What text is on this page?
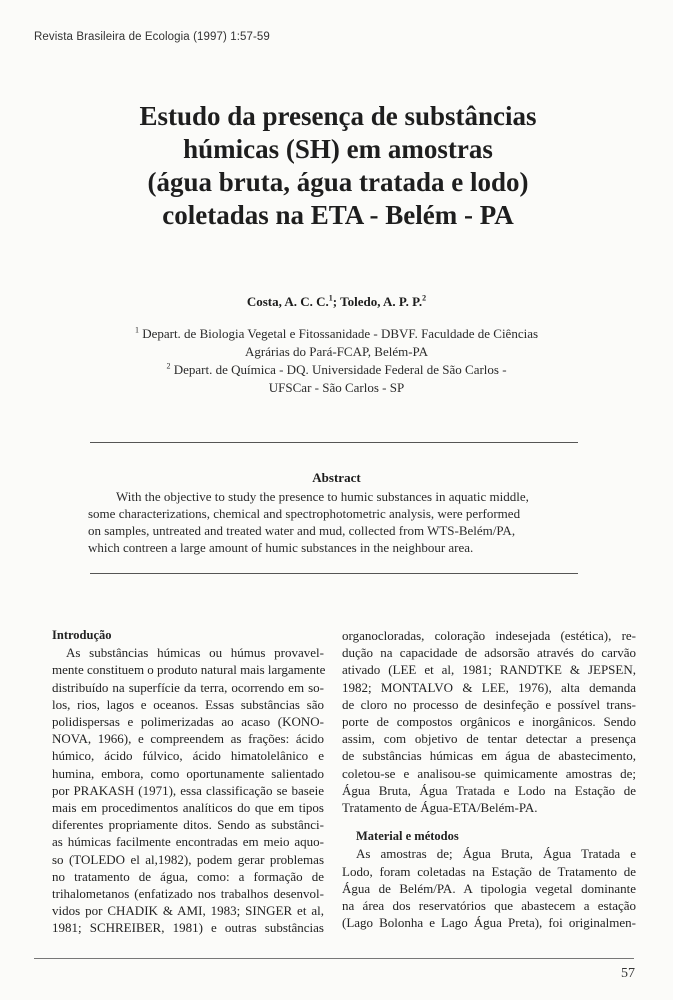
Revista Brasileira de Ecologia (1997) 1:57-59
Estudo da presença de substâncias
húmicas (SH) em amostras
(água bruta, água tratada e lodo)
coletadas na ETA - Belém - PA
Costa, A. C. C.$^1$; Toledo, A. P. P.$^2$
$^1$ Depart. de Biologia Vegetal e Fitossanidade - DBVF. Faculdade de Ciências
Agrárias do Pará-FCAP, Belém-PA
$^2$ Depart. de Química - DQ. Universidade Federal de São Carlos -
UFSCar - São Carlos - SP
Abstract
With the objective to study the presence to humic substances in aquatic middle,
some characterizations, chemical and spectrophotometric analysis, were performed
on samples, untreated and treated water and mud, collected from WTS-Belém/PA,
which contreen a large amount of humic substances in the neighbour area.
Introdução
As substâncias húmicas ou húmus provavel-
mente constituem o produto natural mais largamente
distribuído na superfície da terra, ocorrendo em so-
los, rios, lagos e oceanos. Essas substâncias são
polidispersas e polimerizadas ao acaso (KONO-
NOVA, 1966), e compreendem as frações: ácido
húmico, ácido fúlvico, ácido himatolelânico e
humina, embora, como oportunamente salientado
por PRAKASH (1971), essa classificação se baseie
mais em procedimentos analíticos do que em tipos
diferentes propriamente ditos. Sendo as substânci-
as húmicas facilmente encontradas em meio aquo-
so (TOLEDO el al,1982), podem gerar problemas
no tratamento de água, como: a formação de
trihalometanos (enfatizado nos trabalhos desenvol-
vidos por CHADIK & AMI, 1983; SINGER et al,
1981; SCHREIBER, 1981) e outras substâncias
organocloradas, coloração indesejada (estética), re-
dução na capacidade de adsorsão através do carvão
ativado (LEE et al, 1981; RANDTKE & JEPSEN,
1982; MONTALVO & LEE, 1976), alta demanda
de cloro no processo de desinfeção e possível trans-
porte de compostos orgânicos e inorgânicos. Sendo
assim, com objetivo de tentar detectar a presença
de substâncias húmicas em água de abastecimento,
coletou-se e analisou-se quimicamente amostras de;
Água Bruta, Água Tratada e Lodo na Estação de
Tratamento de Água-ETA/Belém-PA.
Material e métodos
As amostras de; Água Bruta, Água Tratada e
Lodo, foram coletadas na Estação de Tratamento de
Água de Belém/PA. A tipologia vegetal dominante
na área dos reservatórios que abastecem a estação
(Lago Bolonha e Lago Água Preta), foi originalmen-
57
